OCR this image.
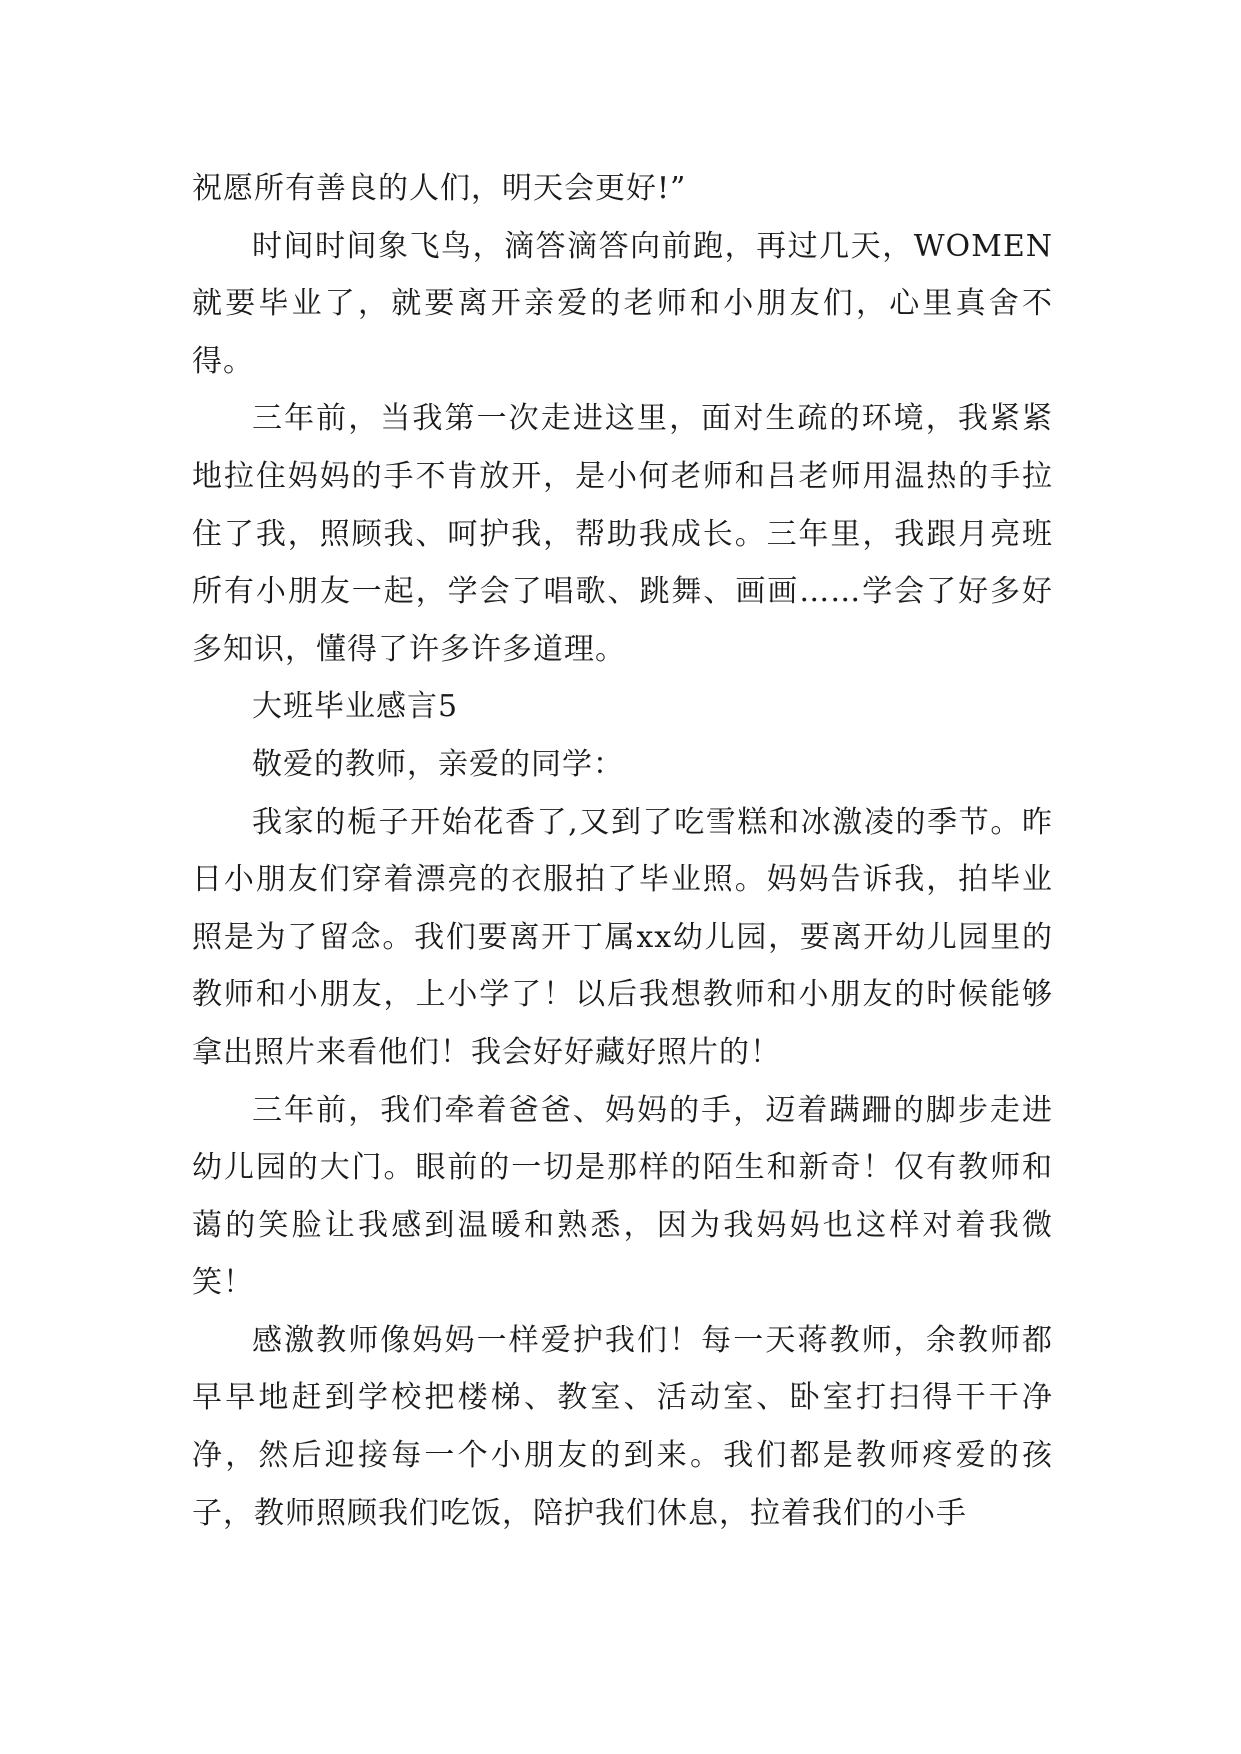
祝愿所有善良的人们，明天会更好!”

时间时间象飞鸟，滴答滴答向前跑，再过几天，WOMEN就要毕业了，就要离开亲爱的老师和小朋友们，心里真舍不得。

三年前，当我第一次走进这里，面对生疏的环境，我紧紧地拉住妈妈的手不肯放开，是小何老师和吕老师用温热的手拉住了我，照顾我、呵护我，帮助我成长。三年里，我跟月亮班所有小朋友一起，学会了唱歌、跳舞、画画……学会了好多好多知识，懂得了许多许多道理。

大班毕业感言5

敬爱的教师，亲爱的同学：

我家的栀子开始花香了,又到了吃雪糕和冰激凌的季节。昨日小朋友们穿着漂亮的衣服拍了毕业照。妈妈告诉我，拍毕业照是为了留念。我们要离开丁属xx幼儿园，要离开幼儿园里的教师和小朋友，上小学了！以后我想教师和小朋友的时候能够拿出照片来看他们！我会好好藏好照片的！

三年前，我们牵着爸爸、妈妈的手，迈着蹒跚的脚步走进幼儿园的大门。眼前的一切是那样的陌生和新奇！仅有教师和蔼的笑脸让我感到温暖和熟悉，因为我妈妈也这样对着我微笑！

感激教师像妈妈一样爱护我们！每一天蒋教师，余教师都早早地赶到学校把楼梯、教室、活动室、卧室打扫得干干净净，然后迎接每一个小朋友的到来。我们都是教师疼爱的孩子，教师照顾我们吃饭，陪护我们休息，拉着我们的小手
